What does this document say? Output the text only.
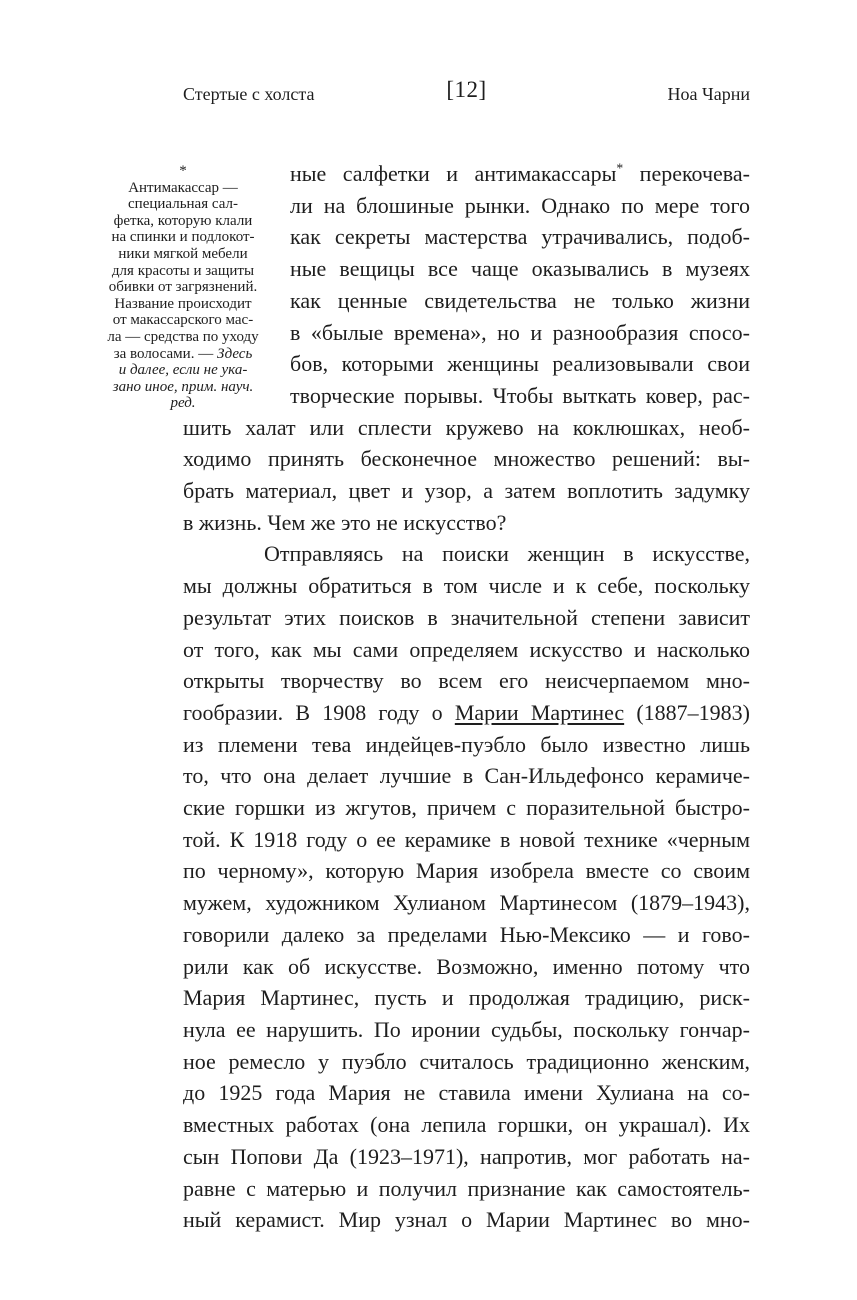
Стертые с холста	[12]	Ноа Чарни
*
Антимакассар —
специальная сал-
фетка, которую клали
на спинки и подлокот-
ники мягкой мебели
для красоты и защиты
обивки от загрязнений.
Название происходит
от макассарского мас-
ла — средства по уходу
за волосами. — Здесь
и далее, если не ука-
зано иное, прим. науч.
ред.
ные салфетки и антимакассары* перекочева-
ли на блошиные рынки. Однако по мере того
как секреты мастерства утрачивались, подоб-
ные вещицы все чаще оказывались в музеях
как ценные свидетельства не только жизни
в «былые времена», но и разнообразия спосо-
бов, которыми женщины реализовывали свои
творческие порывы. Чтобы выткать ковер, рас-
шить халат или сплести кружево на коклюшках, необ-
ходимо принять бесконечное множество решений: вы-
брать материал, цвет и узор, а затем воплотить задумку
в жизнь. Чем же это не искусство?
Отправляясь на поиски женщин в искусстве,
мы должны обратиться в том числе и к себе, поскольку
результат этих поисков в значительной степени зависит
от того, как мы сами определяем искусство и насколько
открыты творчеству во всем его неисчерпаемом мно-
гообразии. В 1908 году о Марии Мартинес (1887–1983)
из племени тева индейцев-пуэбло было известно лишь
то, что она делает лучшие в Сан-Ильдефонсо керамиче-
ские горшки из жгутов, причем с поразительной быстро-
той. К 1918 году о ее керамике в новой технике «черным
по черному», которую Мария изобрела вместе со своим
мужем, художником Хулианом Мартинесом (1879–1943),
говорили далеко за пределами Нью-Мексико — и гово-
рили как об искусстве. Возможно, именно потому что
Мария Мартинес, пусть и продолжая традицию, риск-
нула ее нарушить. По иронии судьбы, поскольку гончар-
ное ремесло у пуэбло считалось традиционно женским,
до 1925 года Мария не ставила имени Хулиана на со-
вместных работах (она лепила горшки, он украшал). Их
сын Попови Да (1923–1971), напротив, мог работать на-
равне с матерью и получил признание как самостоятель-
ный керамист. Мир узнал о Марии Мартинес во мно-
